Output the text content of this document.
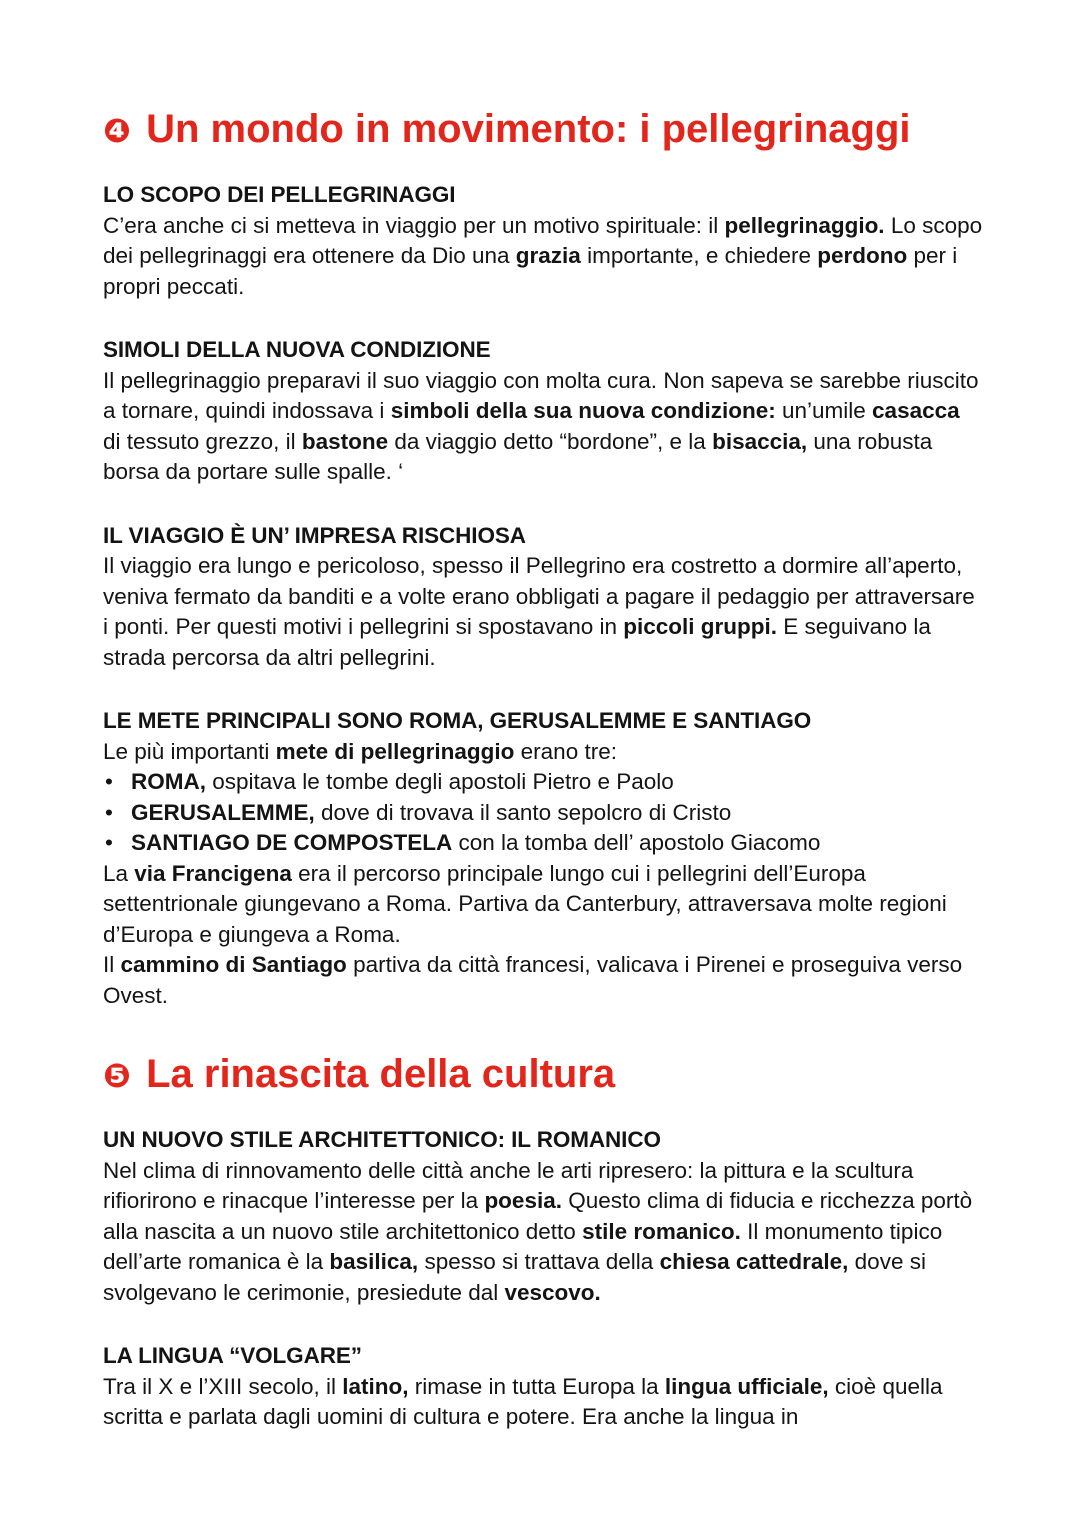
❹ Un mondo in movimento: i pellegrinaggi
LO SCOPO DEI PELLEGRINAGGI

C’era anche ci si metteva in viaggio per un motivo spirituale: il pellegrinaggio. Lo scopo dei pellegrinaggi era ottenere da Dio una grazia importante, e chiedere perdono per i propri peccati.

SIMOLI DELLA NUOVA CONDIZIONE

Il pellegrinaggio preparavi il suo viaggio con molta cura. Non sapeva se sarebbe riuscito a tornare, quindi indossava i simboli della sua nuova condizione: un’umile casacca di tessuto grezzo, il bastone da viaggio detto “bordone”, e la bisaccia, una robusta borsa da portare sulle spalle. ‘

IL VIAGGIO È UN’ IMPRESA RISCHIOSA

Il viaggio era lungo e pericoloso, spesso il Pellegrino era costretto a dormire all’aperto, veniva fermato da banditi e a volte erano obbligati a pagare il pedaggio per attraversare i ponti. Per questi motivi i pellegrini si spostavano in piccoli gruppi. E seguivano la strada percorsa da altri pellegrini.

LE METE PRINCIPALI SONO ROMA, GERUSALEMME E SANTIAGO

Le più importanti mete di pellegrinaggio erano tre:

• ROMA, ospitava le tombe degli apostoli Pietro e Paolo
• GERUSALEMME, dove di trovava il santo sepolcro di Cristo
• SANTIAGO DE COMPOSTELA con la tomba dell’ apostolo Giacomo

La via Francigena era il percorso principale lungo cui i pellegrini dell’Europa settentrionale giungevano a Roma. Partiva da Canterbury, attraversava molte regioni d’Europa e giungeva a Roma.

Il cammino di Santiago partiva da città francesi, valicava i Pirenei e proseguiva verso Ovest.

❺ La rinascita della cultura
UN NUOVO STILE ARCHITETTONICO: IL ROMANICO

Nel clima di rinnovamento delle città anche le arti ripresero: la pittura e la scultura rifiorirono e rinacque l’interesse per la poesia. Questo clima di fiducia e ricchezza portò alla nascita a un nuovo stile architettonico detto stile romanico. Il monumento tipico dell’arte romanica è la basilica, spesso si trattava della chiesa cattedrale, dove si svolgevano le cerimonie, presiedute dal vescovo.

LA LINGUA “VOLGARE”

Tra il X e l’XIII secolo, il latino, rimase in tutta Europa la lingua ufficiale, cioè quella scritta e parlata dagli uomini di cultura e potere. Era anche la lingua in
